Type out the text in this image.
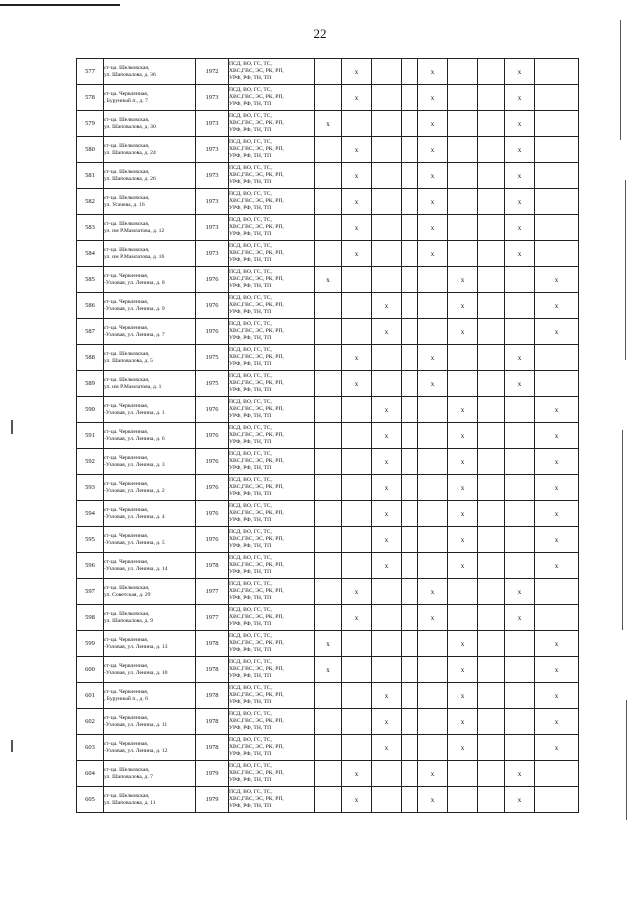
22
577	ст-ца. Шелковская,
ул. Шаповалова, д. 36	1972	ПСД, ВО, ГС, ТС,
ХВС,ГВС, ЭС, РК, РП,
УРФ, РФ, ТН, ТП		x			x			x	
578	ст-ца. Червленная,
, Бурунный п., д. 7	1973	ПСД, ВО, ГС, ТС,
ХВС,ГВС, ЭС, РК, РП,
УРФ, РФ, ТН, ТП		x			x			x	
579	ст-ца. Шелковская,
ул. Шаповалова, д. 30	1973	ПСД, ВО, ГС, ТС,
ХВС,ГВС, ЭС, РК, РП,
УРФ, РФ, ТН, ТП	x				x			x	
580	ст-ца. Шелковская,
ул. Шаповалова, д. 24	1973	ПСД, ВО, ГС, ТС,
ХВС,ГВС, ЭС, РК, РП,
УРФ, РФ, ТН, ТП		x			x			x	
581	ст-ца. Шелковская,
ул. Шаповалова, д. 26	1973	ПСД, ВО, ГС, ТС,
ХВС,ГВС, ЭС, РК, РП,
УРФ, РФ, ТН, ТП		x			x			x	
582	ст-ца. Шелковская,
ул. Усачева, д. 16	1973	ПСД, ВО, ГС, ТС,
ХВС,ГВС, ЭС, РК, РП,
УРФ, РФ, ТН, ТП		x			x			x	
583	ст-ца. Шелковская,
ул. им Р.Мамлатова, д. 12	1973	ПСД, ВО, ГС, ТС,
ХВС,ГВС, ЭС, РК, РП,
УРФ, РФ, ТН, ТП		x			x			x	
584	ст-ца. Шелковская,
ул. им Р.Мамлатова, д. 16	1973	ПСД, ВО, ГС, ТС,
ХВС,ГВС, ЭС, РК, РП,
УРФ, РФ, ТН, ТП		x			x			x	
585	ст-ца. Червленная,
-Узловая, ул. Ленина, д. 8	1976	ПСД, ВО, ГС, ТС,
ХВС,ГВС, ЭС, РК, РП,
УРФ, РФ, ТН, ТП	x					x			x
586	ст-ца. Червленная,
-Узловая, ул. Ленина, д. 9	1976	ПСД, ВО, ГС, ТС,
ХВС,ГВС, ЭС, РК, РП,
УРФ, РФ, ТН, ТП			x			x			x
587	ст-ца. Червленная,
-Узловая, ул. Ленина, д. 7	1976	ПСД, ВО, ГС, ТС,
ХВС,ГВС, ЭС, РК, РП,
УРФ, РФ, ТН, ТП			x			x			x
588	ст-ца. Шелковская,
ул. Шаповалова, д. 5	1975	ПСД, ВО, ГС, ТС,
ХВС,ГВС, ЭС, РК, РП,
УРФ, РФ, ТН, ТП		x			x			x	
589	ст-ца. Шелковская,
ул. им Р.Мамлатова, д. 1	1975	ПСД, ВО, ГС, ТС,
ХВС,ГВС, ЭС, РК, РП,
УРФ, РФ, ТН, ТП		x			x			x	
590	ст-ца. Червленная,
-Узловая, ул. Ленина, д. 1	1976	ПСД, ВО, ГС, ТС,
ХВС,ГВС, ЭС, РК, РП,
УРФ, РФ, ТН, ТП			x			x			x
591	ст-ца. Червленная,
-Узловая, ул. Ленина, д. 6	1976	ПСД, ВО, ГС, ТС,
ХВС,ГВС, ЭС, РК, РП,
УРФ, РФ, ТН, ТП			x			x			x
592	ст-ца. Червленная,
-Узловая, ул. Ленина, д. 3	1976	ПСД, ВО, ГС, ТС,
ХВС,ГВС, ЭС, РК, РП,
УРФ, РФ, ТН, ТП			x			x			x
593	ст-ца. Червленная,
-Узловая, ул. Ленина, д. 2	1976	ПСД, ВО, ГС, ТС,
ХВС,ГВС, ЭС, РК, РП,
УРФ, РФ, ТН, ТП			x			x			x
594	ст-ца. Червленная,
-Узловая, ул. Ленина, д. 4	1976	ПСД, ВО, ГС, ТС,
ХВС,ГВС, ЭС, РК, РП,
УРФ, РФ, ТН, ТП			x			x			x
595	ст-ца. Червленная,
-Узловая, ул. Ленина, д. 5	1976	ПСД, ВО, ГС, ТС,
ХВС,ГВС, ЭС, РК, РП,
УРФ, РФ, ТН, ТП			x			x			x
596	ст-ца. Червленная,
-Узловая, ул. Ленина, д. 14	1978	ПСД, ВО, ГС, ТС,
ХВС,ГВС, ЭС, РК, РП,
УРФ, РФ, ТН, ТП			x			x			x
597	ст-ца. Шелковская,
ул. Советская, д. 29	1977	ПСД, ВО, ГС, ТС,
ХВС,ГВС, ЭС, РК, РП,
УРФ, РФ, ТН, ТП		x			x			x	
598	ст-ца. Шелковская,
ул. Шаповалова, д. 9	1977	ПСД, ВО, ГС, ТС,
ХВС,ГВС, ЭС, РК, РП,
УРФ, РФ, ТН, ТП		x			x			x	
599	ст-ца. Червленная,
-Узловая, ул. Ленина, д. 13	1978	ПСД, ВО, ГС, ТС,
ХВС,ГВС, ЭС, РК, РП,
УРФ, РФ, ТН, ТП	x					x			x
600	ст-ца. Червленная,
-Узловая, ул. Ленина, д. 10	1978	ПСД, ВО, ГС, ТС,
ХВС,ГВС, ЭС, РК, РП,
УРФ, РФ, ТН, ТП	x					x			x
601	ст-ца. Червленная,
, Бурунный п., д. 6	1978	ПСД, ВО, ГС, ТС,
ХВС,ГВС, ЭС, РК, РП,
УРФ, РФ, ТН, ТП			x			x			x
602	ст-ца. Червленная,
-Узловая, ул. Ленина, д. 11	1978	ПСД, ВО, ГС, ТС,
ХВС,ГВС, ЭС, РК, РП,
УРФ, РФ, ТН, ТП			x			x			x
603	ст-ца. Червленная,
-Узловая, ул. Ленина, д. 12	1978	ПСД, ВО, ГС, ТС,
ХВС,ГВС, ЭС, РК, РП,
УРФ, РФ, ТН, ТП			x			x			x
604	ст-ца. Шелковская,
ул. Шаповалова, д. 7	1979	ПСД, ВО, ГС, ТС,
ХВС,ГВС, ЭС, РК, РП,
УРФ, РФ, ТН, ТП		x			x			x	
605	ст-ца. Шелковская,
ул. Шаповалова, д. 11	1979	ПСД, ВО, ГС, ТС,
ХВС,ГВС, ЭС, РК, РП,
УРФ, РФ, ТН, ТП		x			x			x	
